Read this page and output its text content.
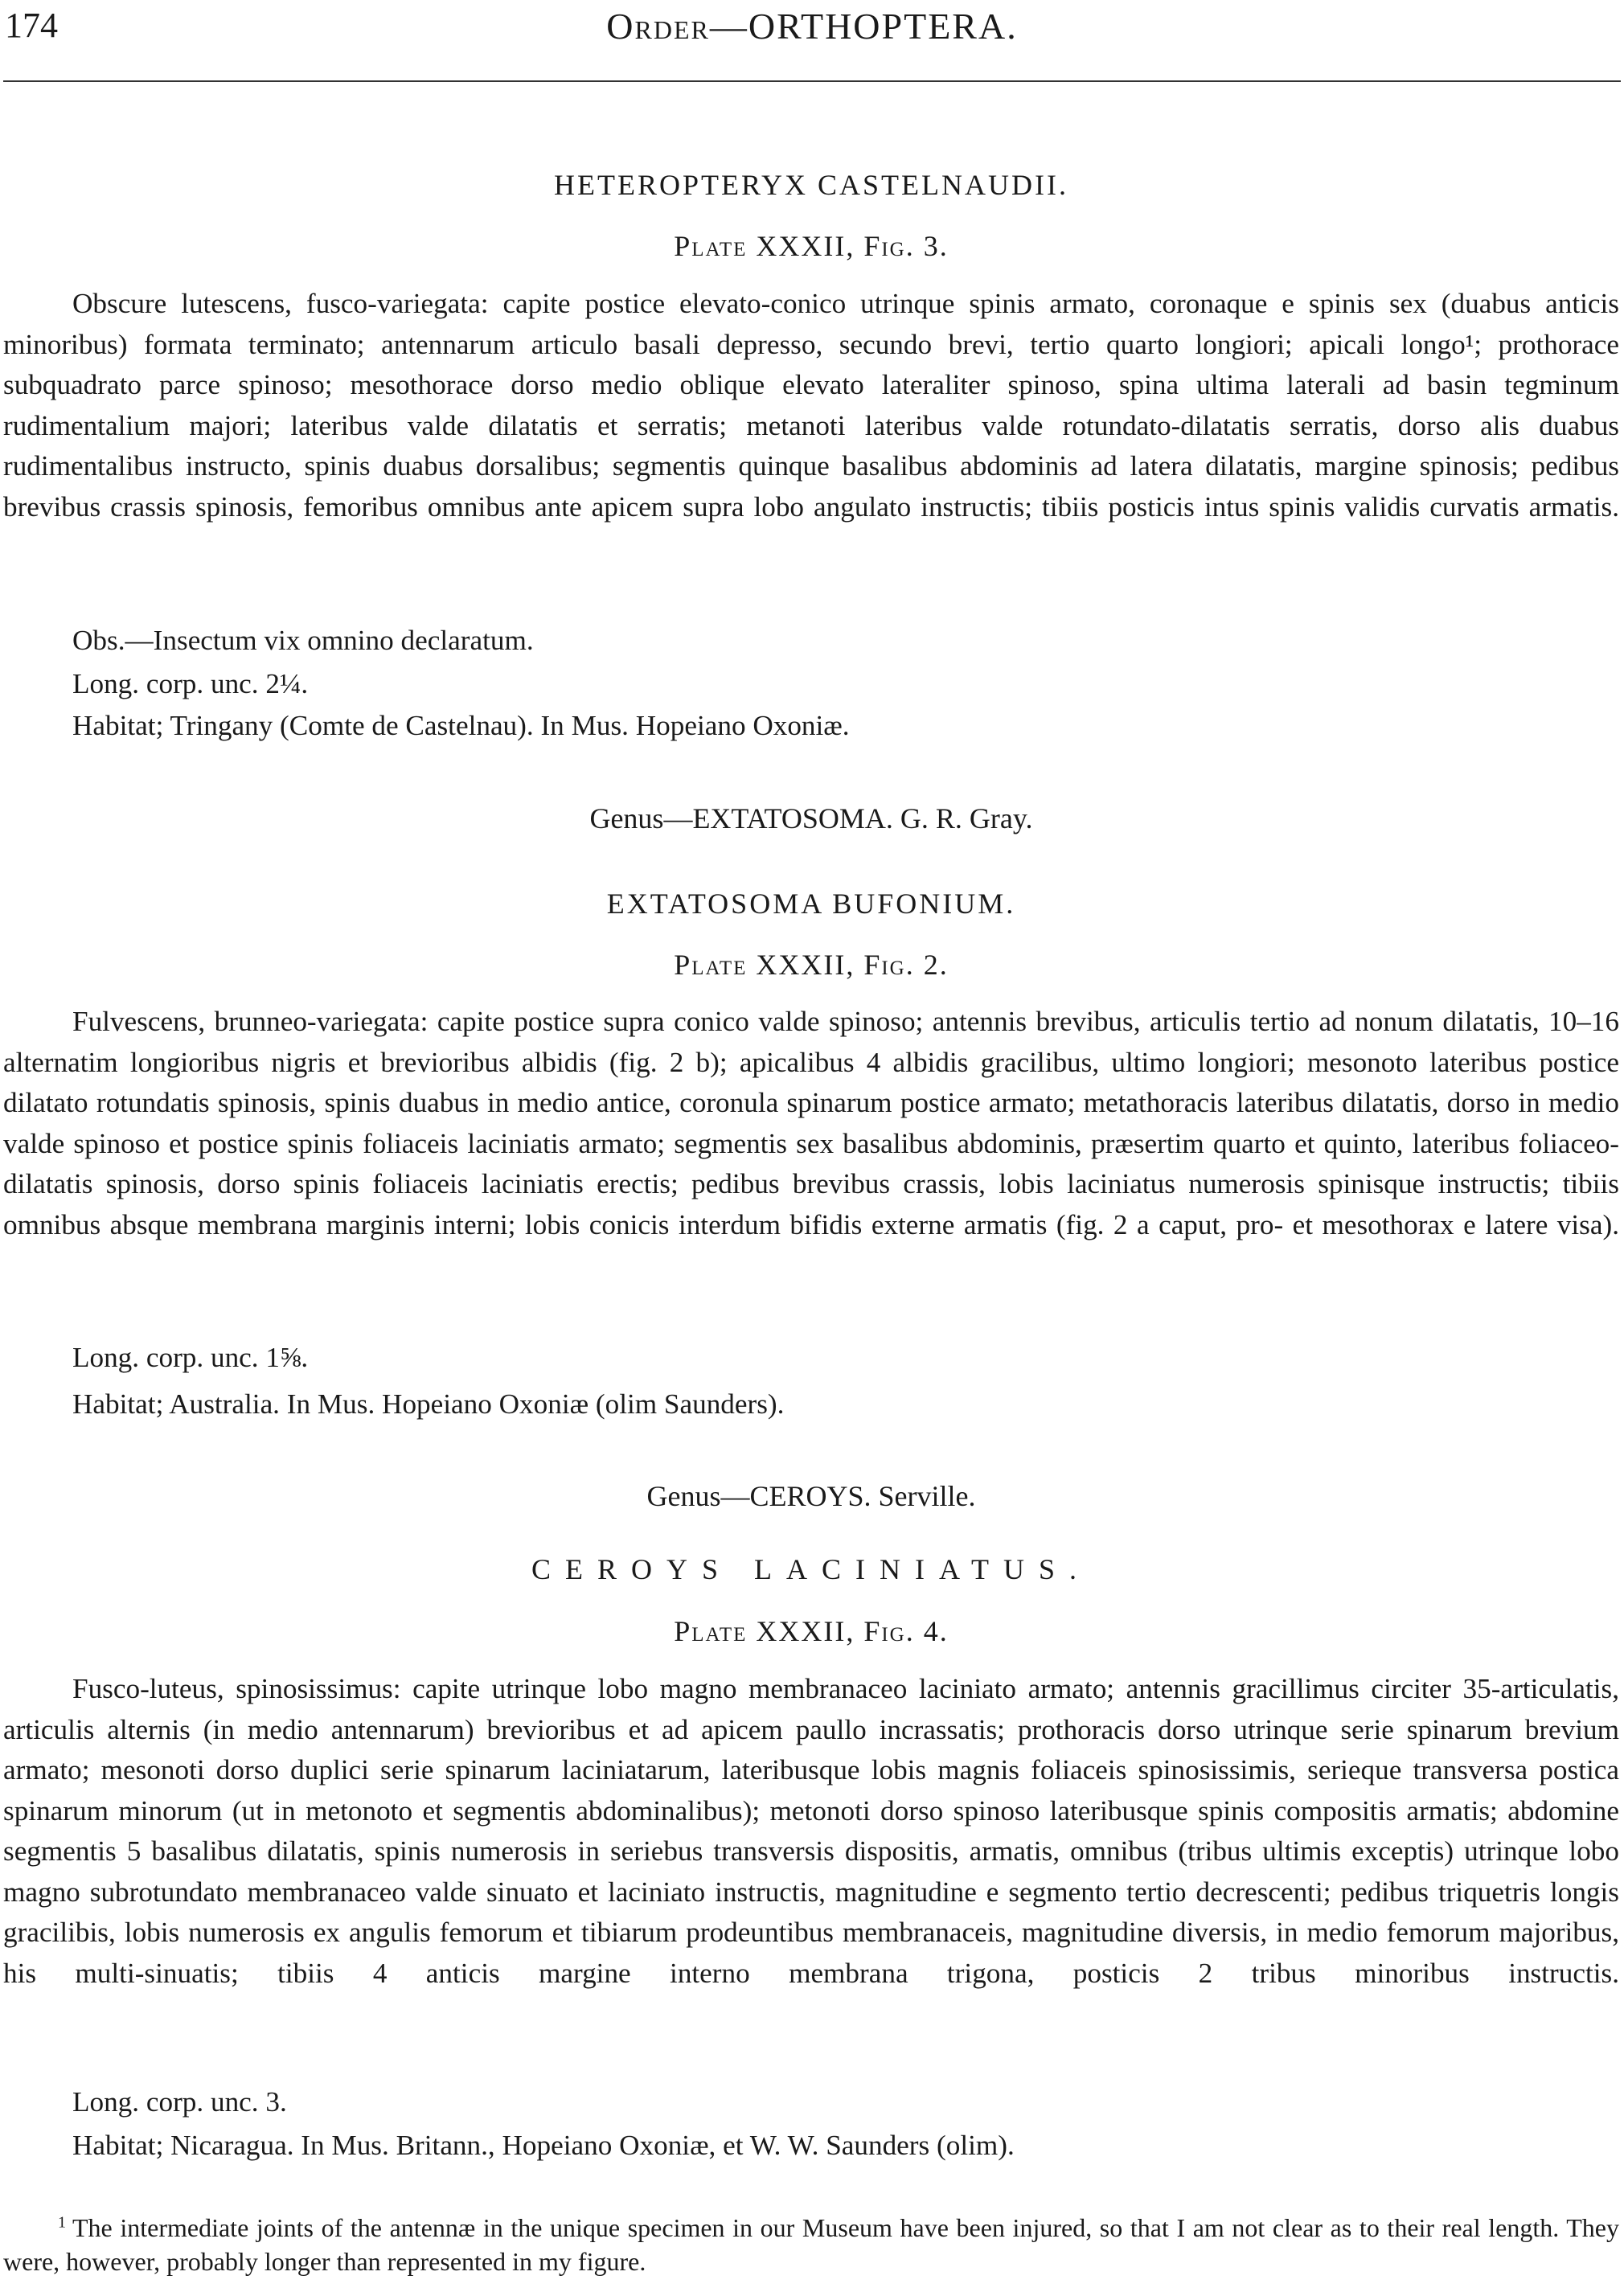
174	Order—ORTHOPTERA.
HETEROPTERYX CASTELNAUDII.
Plate XXXII, Fig. 3.

Obscure lutescens, fusco-variegata: capite postice elevato-conico utrinque spinis armato, coronaque e spinis sex (duabus anticis minoribus) formata terminato; antennarum articulo basali depresso, secundo brevi, tertio quarto longiori; apicali longo¹; prothorace subquadrato parce spinoso; mesothorace dorso medio oblique elevato lateraliter spinoso, spina ultima laterali ad basin tegminum rudimentalium majori; lateribus valde dilatatis et serratis; metanoti lateribus valde rotundato-dilatatis serratis, dorso alis duabus rudimentalibus instructo, spinis duabus dorsalibus; segmentis quinque basalibus abdominis ad latera dilatatis, margine spinosis; pedibus brevibus crassis spinosis, femoribus omnibus ante apicem supra lobo angulato instructis; tibiis posticis intus spinis validis curvatis armatis.

Obs.—Insectum vix omnino declaratum.

Long. corp. unc. 2¼.

Habitat; Tringany (Comte de Castelnau). In Mus. Hopeiano Oxoniæ.

Genus—EXTATOSOMA. G. R. Gray.
EXTATOSOMA BUFONIUM.
Plate XXXII, Fig. 2.

Fulvescens, brunneo-variegata: capite postice supra conico valde spinoso; antennis brevibus, articulis tertio ad nonum dilatatis, 10–16 alternatim longioribus nigris et brevioribus albidis (fig. 2 b); apicalibus 4 albidis gracilibus, ultimo longiori; mesonoto lateribus postice dilatato rotundatis spinosis, spinis duabus in medio antice, coronula spinarum postice armato; metathoracis lateribus dilatatis, dorso in medio valde spinoso et postice spinis foliaceis laciniatis armato; segmentis sex basalibus abdominis, præsertim quarto et quinto, lateribus foliaceo-dilatatis spinosis, dorso spinis foliaceis laciniatis erectis; pedibus brevibus crassis, lobis laciniatus numerosis spinisque instructis; tibiis omnibus absque membrana marginis interni; lobis conicis interdum bifidis externe armatis (fig. 2 a caput, pro- et mesothorax e latere visa).

Long. corp. unc. 1⅝.

Habitat; Australia. In Mus. Hopeiano Oxoniæ (olim Saunders).

Genus—CEROYS. Serville.
CEROYS LACINIATUS.
Plate XXXII, Fig. 4.

Fusco-luteus, spinosissimus: capite utrinque lobo magno membranaceo laciniato armato; antennis gracillimus circiter 35-articulatis, articulis alternis (in medio antennarum) brevioribus et ad apicem paullo incrassatis; prothoracis dorso utrinque serie spinarum brevium armato; mesonoti dorso duplici serie spinarum laciniatarum, lateribusque lobis magnis foliaceis spinosissimis, serieque transversa postica spinarum minorum (ut in metonoto et segmentis abdominalibus); metonoti dorso spinoso lateribusque spinis compositis armatis; abdomine segmentis 5 basalibus dilatatis, spinis numerosis in seriebus transversis dispositis, armatis, omnibus (tribus ultimis exceptis) utrinque lobo magno subrotundato membranaceo valde sinuato et laciniato instructis, magnitudine e segmento tertio decrescenti; pedibus triquetris longis gracilibis, lobis numerosis ex angulis femorum et tibiarum prodeuntibus membranaceis, magnitudine diversis, in medio femorum majoribus, his multi-sinuatis; tibiis 4 anticis margine interno membrana trigona, posticis 2 tribus minoribus instructis.

Long. corp. unc. 3.

Habitat; Nicaragua. In Mus. Britann., Hopeiano Oxoniæ, et W. W. Saunders (olim).

$^1$ The intermediate joints of the antennæ in the unique specimen in our Museum have been injured, so that I am not clear as to their real length. They were, however, probably longer than represented in my figure.
